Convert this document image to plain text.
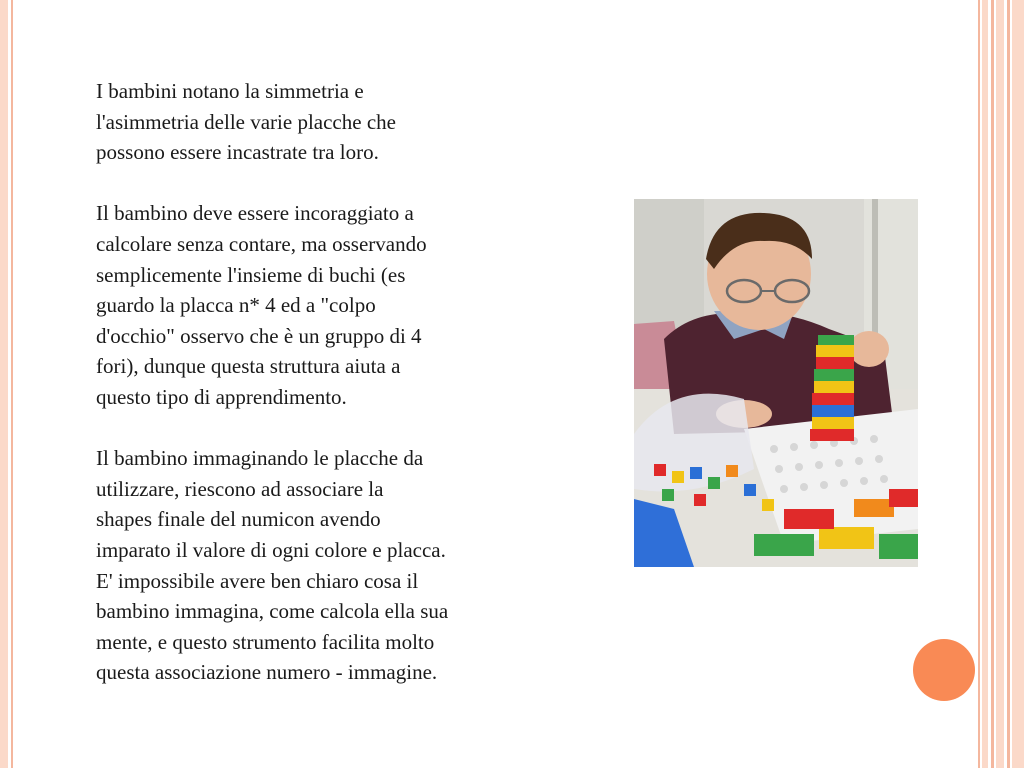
I bambini notano la simmetria e
l'asimmetria delle varie placche che
possono essere incastrate tra loro.

Il bambino deve essere incoraggiato a
calcolare senza contare, ma osservando
semplicemente l'insieme di buchi (es
guardo la placca n* 4 ed a "colpo
d'occhio" osservo che è un gruppo di 4
fori), dunque questa struttura aiuta a
questo tipo di apprendimento.

Il bambino immaginando le placche da
utilizzare, riescono ad associare la
shapes finale del numicon avendo
imparato il valore di ogni colore e placca.
E' impossibile avere ben chiaro cosa il
bambino immagina, come calcola ella sua
mente, e questo strumento facilita molto
questa associazione numero - immagine.
